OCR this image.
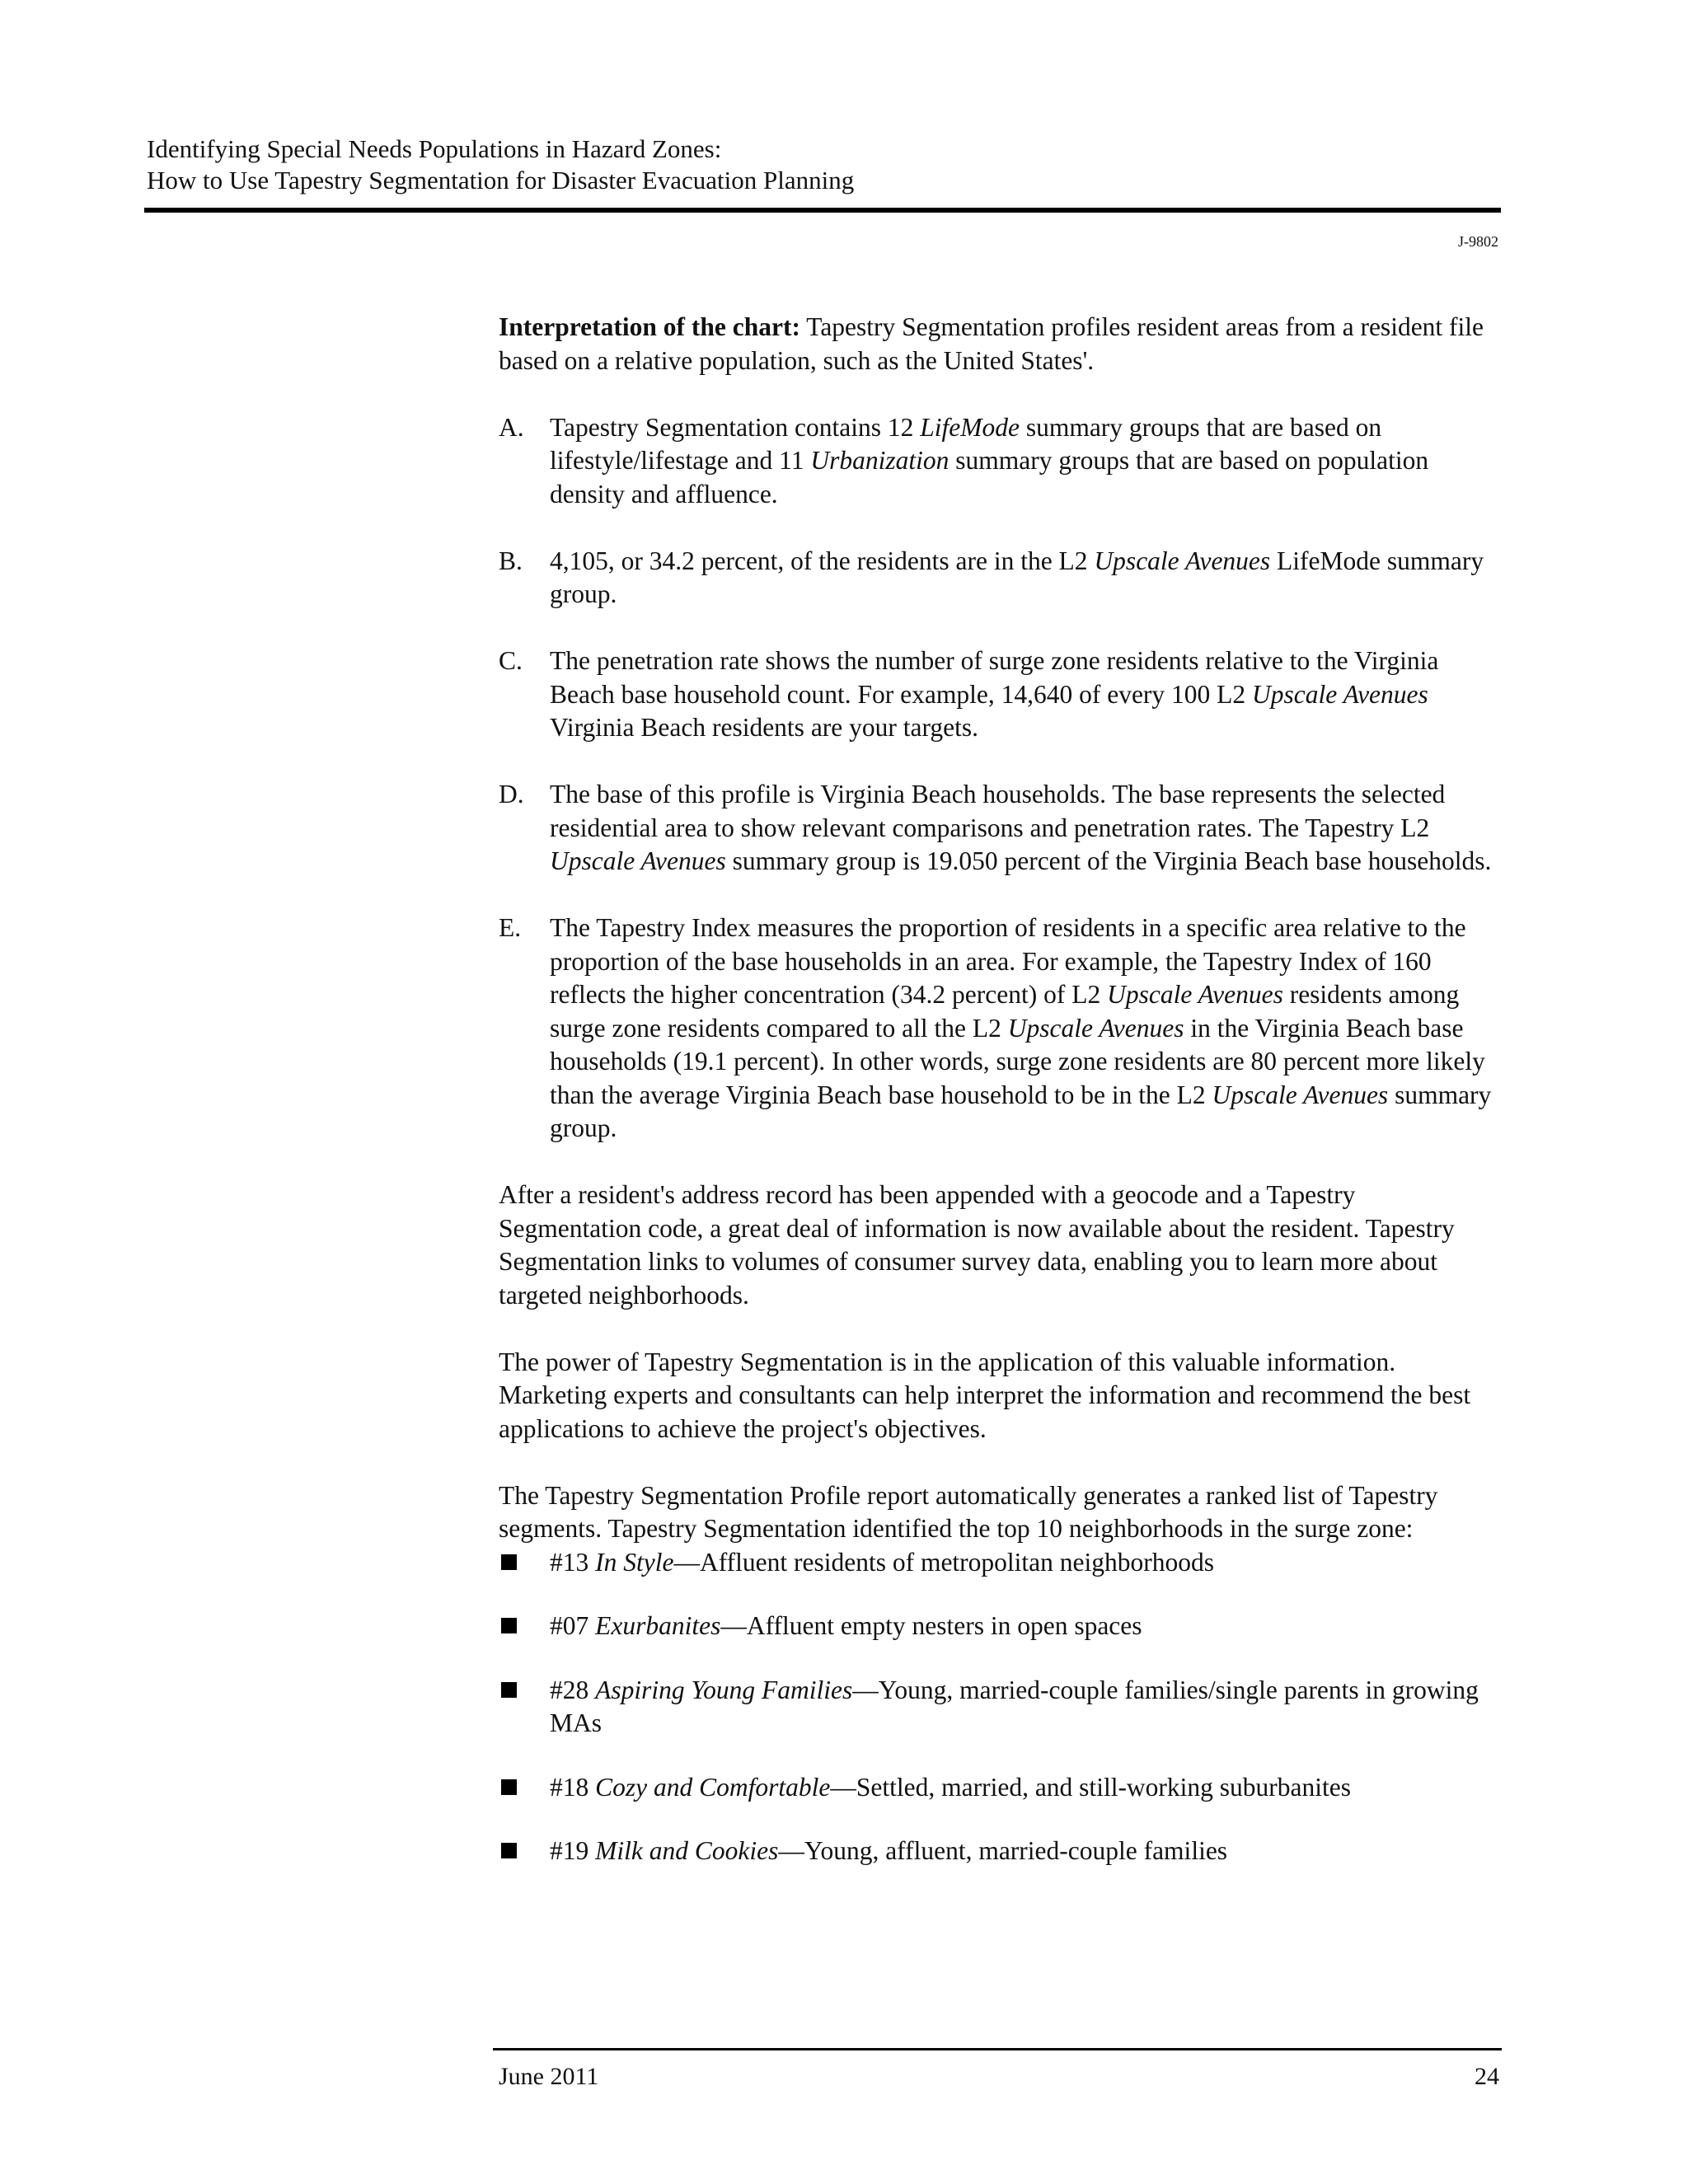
Identifying Special Needs Populations in Hazard Zones:
How to Use Tapestry Segmentation for Disaster Evacuation Planning
J-9802

Interpretation of the chart: Tapestry Segmentation profiles resident areas from a resident file based on a relative population, such as the United States'.

A. Tapestry Segmentation contains 12 LifeMode summary groups that are based on lifestyle/lifestage and 11 Urbanization summary groups that are based on population density and affluence.
B.	4,105, or 34.2 percent, of the residents are in the L2 Upscale Avenues LifeMode summary group.
C.	The penetration rate shows the number of surge zone residents relative to the Virginia Beach base household count. For example, 14,640 of every 100 L2 Upscale Avenues Virginia Beach residents are your targets.
D. The base of this profile is Virginia Beach households. The base represents the selected residential area to show relevant comparisons and penetration rates. The Tapestry L2 Upscale Avenues summary group is 19.050 percent of the Virginia Beach base households.
E.	The Tapestry Index measures the proportion of residents in a specific area relative to the proportion of the base households in an area. For example, the Tapestry Index of 160 reflects the higher concentration (34.2 percent) of L2 Upscale Avenues residents among surge zone residents compared to all the L2 Upscale Avenues in the Virginia Beach base households (19.1 percent). In other words, surge zone residents are 80 percent more likely than the average Virginia Beach base household to be in the L2 Upscale Avenues summary group.

After a resident's address record has been appended with a geocode and a Tapestry Segmentation code, a great deal of information is now available about the resident. Tapestry Segmentation links to volumes of consumer survey data, enabling you to learn more about targeted neighborhoods.

The power of Tapestry Segmentation is in the application of this valuable information. Marketing experts and consultants can help interpret the information and recommend the best applications to achieve the project's objectives.

The Tapestry Segmentation Profile report automatically generates a ranked list of Tapestry segments. Tapestry Segmentation identified the top 10 neighborhoods in the surge zone:

#13 In Style—Affluent residents of metropolitan neighborhoods
#07 Exurbanites—Affluent empty nesters in open spaces
#28 Aspiring Young Families—Young, married-couple families/single parents in growing MAs
#18 Cozy and Comfortable—Settled, married, and still-working suburbanites
#19 Milk and Cookies—Young, affluent, married-couple families
June 2011	24
